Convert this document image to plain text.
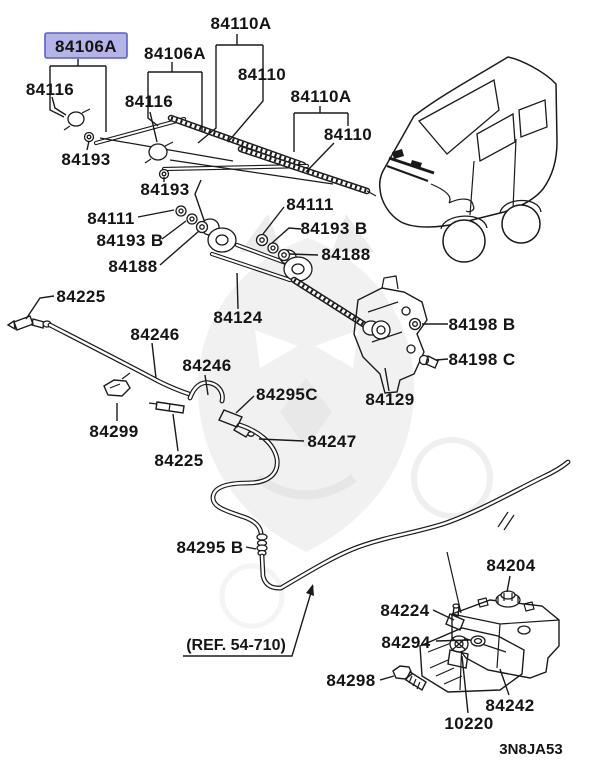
84110A
84106A 84106A
84110
84116	84110A
84116
84110
84193
84193
84111
84111
84193 B
84193 B
84188
84188
84225
84124	84198 B
84246
84198 C
84246
84295C	84129
84299
84247
84225
84295 B
(REF. 54-710)
84204
84224
84294
84298
84242
10220
3N8JA53
